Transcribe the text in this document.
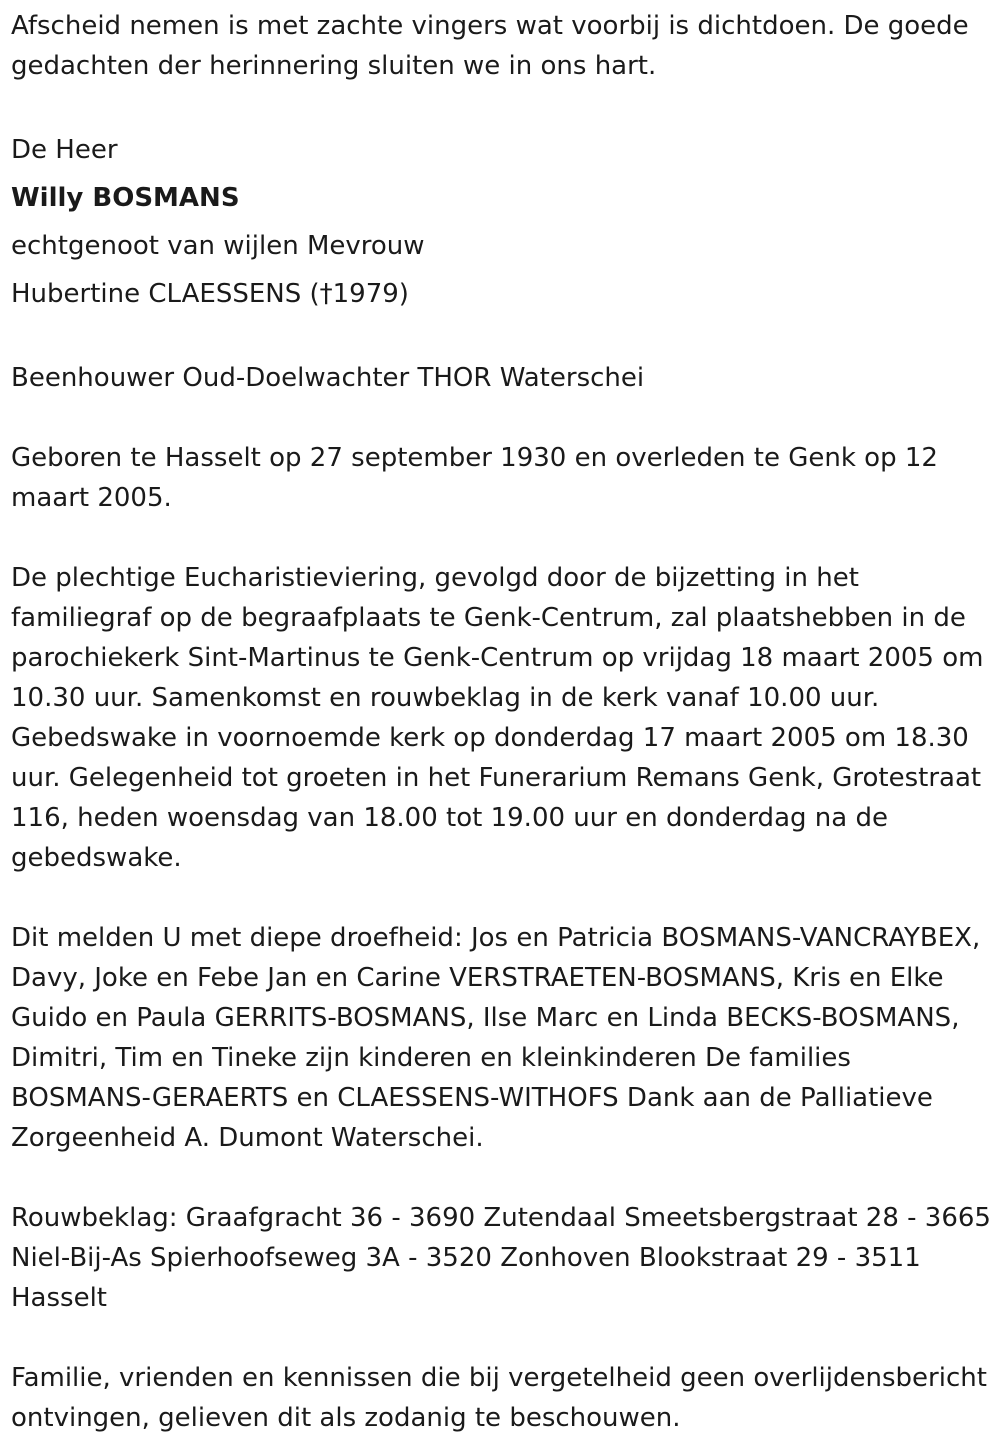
Afscheid nemen is met zachte vingers wat voorbij is dichtdoen. De goede gedachten der herinnering sluiten we in ons hart.

De Heer

Willy BOSMANS

echtgenoot van wijlen Mevrouw

Hubertine CLAESSENS (†1979)

Beenhouwer Oud-Doelwachter THOR Waterschei

Geboren te Hasselt op 27 september 1930 en overleden te Genk op 12 maart 2005.

De plechtige Eucharistieviering, gevolgd door de bijzetting in het familiegraf op de begraafplaats te Genk-Centrum, zal plaatshebben in de parochiekerk Sint-Martinus te Genk-Centrum op vrijdag 18 maart 2005 om 10.30 uur. Samenkomst en rouwbeklag in de kerk vanaf 10.00 uur. Gebedswake in voornoemde kerk op donderdag 17 maart 2005 om 18.30 uur. Gelegenheid tot groeten in het Funerarium Remans Genk, Grotestraat 116, heden woensdag van 18.00 tot 19.00 uur en donderdag na de gebedswake.

Dit melden U met diepe droefheid: Jos en Patricia BOSMANS-VANCRAYBEX, Davy, Joke en Febe Jan en Carine VERSTRAETEN-BOSMANS, Kris en Elke Guido en Paula GERRITS-BOSMANS, Ilse Marc en Linda BECKS-BOSMANS, Dimitri, Tim en Tineke zijn kinderen en kleinkinderen De families BOSMANS-GERAERTS en CLAESSENS-WITHOFS Dank aan de Palliatieve Zorgeenheid A. Dumont Waterschei.

Rouwbeklag: Graafgracht 36 - 3690 Zutendaal Smeetsbergstraat 28 - 3665 Niel-Bij-As Spierhoofseweg 3A - 3520 Zonhoven Blookstraat 29 - 3511 Hasselt

Familie, vrienden en kennissen die bij vergetelheid geen overlijdensbericht ontvingen, gelieven dit als zodanig te beschouwen.
